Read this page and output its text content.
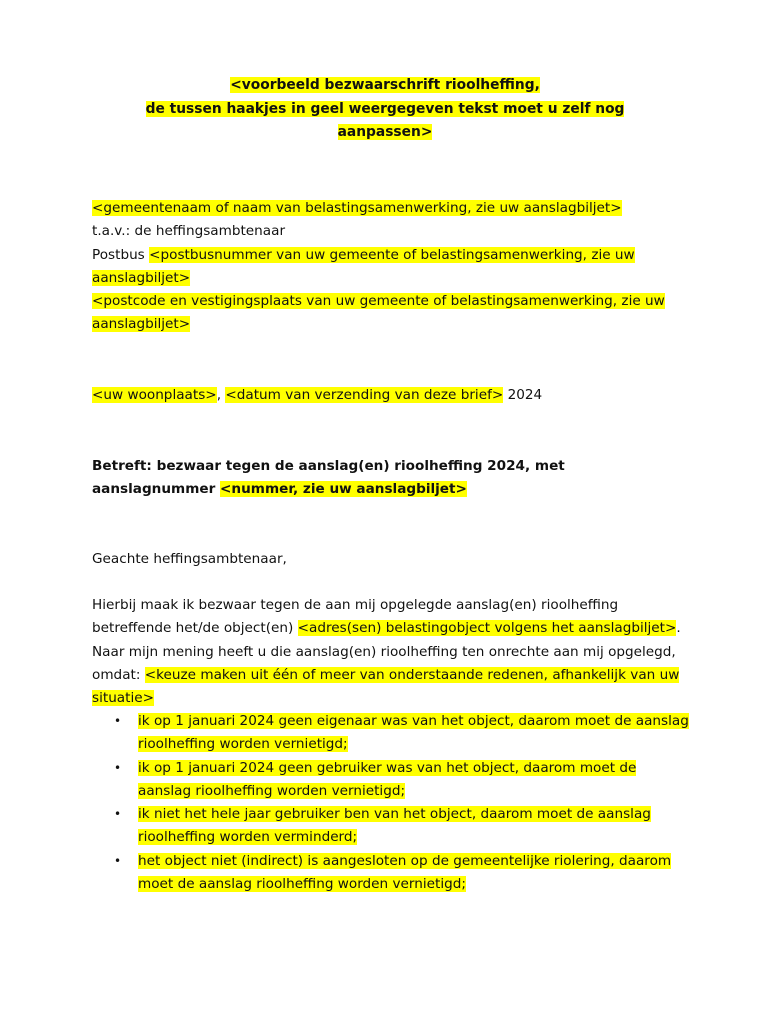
<voorbeeld bezwaarschrift rioolheffing,
de tussen haakjes in geel weergegeven tekst moet u zelf nog
aanpassen>
<gemeentenaam of naam van belastingsamenwerking, zie uw aanslagbiljet>
t.a.v.: de heffingsambtenaar
Postbus <postbusnummer van uw gemeente of belastingsamenwerking, zie uw aanslagbiljet>
<postcode en vestigingsplaats van uw gemeente of belastingsamenwerking, zie uw aanslagbiljet>
<uw woonplaats>, <datum van verzending van deze brief> 2024
Betreft: bezwaar tegen de aanslag(en) rioolheffing 2024, met aanslagnummer <nummer, zie uw aanslagbiljet>
Geachte heffingsambtenaar,
Hierbij maak ik bezwaar tegen de aan mij opgelegde aanslag(en) rioolheffing betreffende het/de object(en) <adres(sen) belastingobject volgens het aanslagbiljet>. Naar mijn mening heeft u die aanslag(en) rioolheffing ten onrechte aan mij opgelegd, omdat: <keuze maken uit één of meer van onderstaande redenen, afhankelijk van uw situatie>
• ik op 1 januari 2024 geen eigenaar was van het object, daarom moet de aanslag rioolheffing worden vernietigd;
• ik op 1 januari 2024 geen gebruiker was van het object, daarom moet de aanslag rioolheffing worden vernietigd;
• ik niet het hele jaar gebruiker ben van het object, daarom moet de aanslag rioolheffing worden verminderd;
• het object niet (indirect) is aangesloten op de gemeentelijke riolering, daarom moet de aanslag rioolheffing worden vernietigd;
